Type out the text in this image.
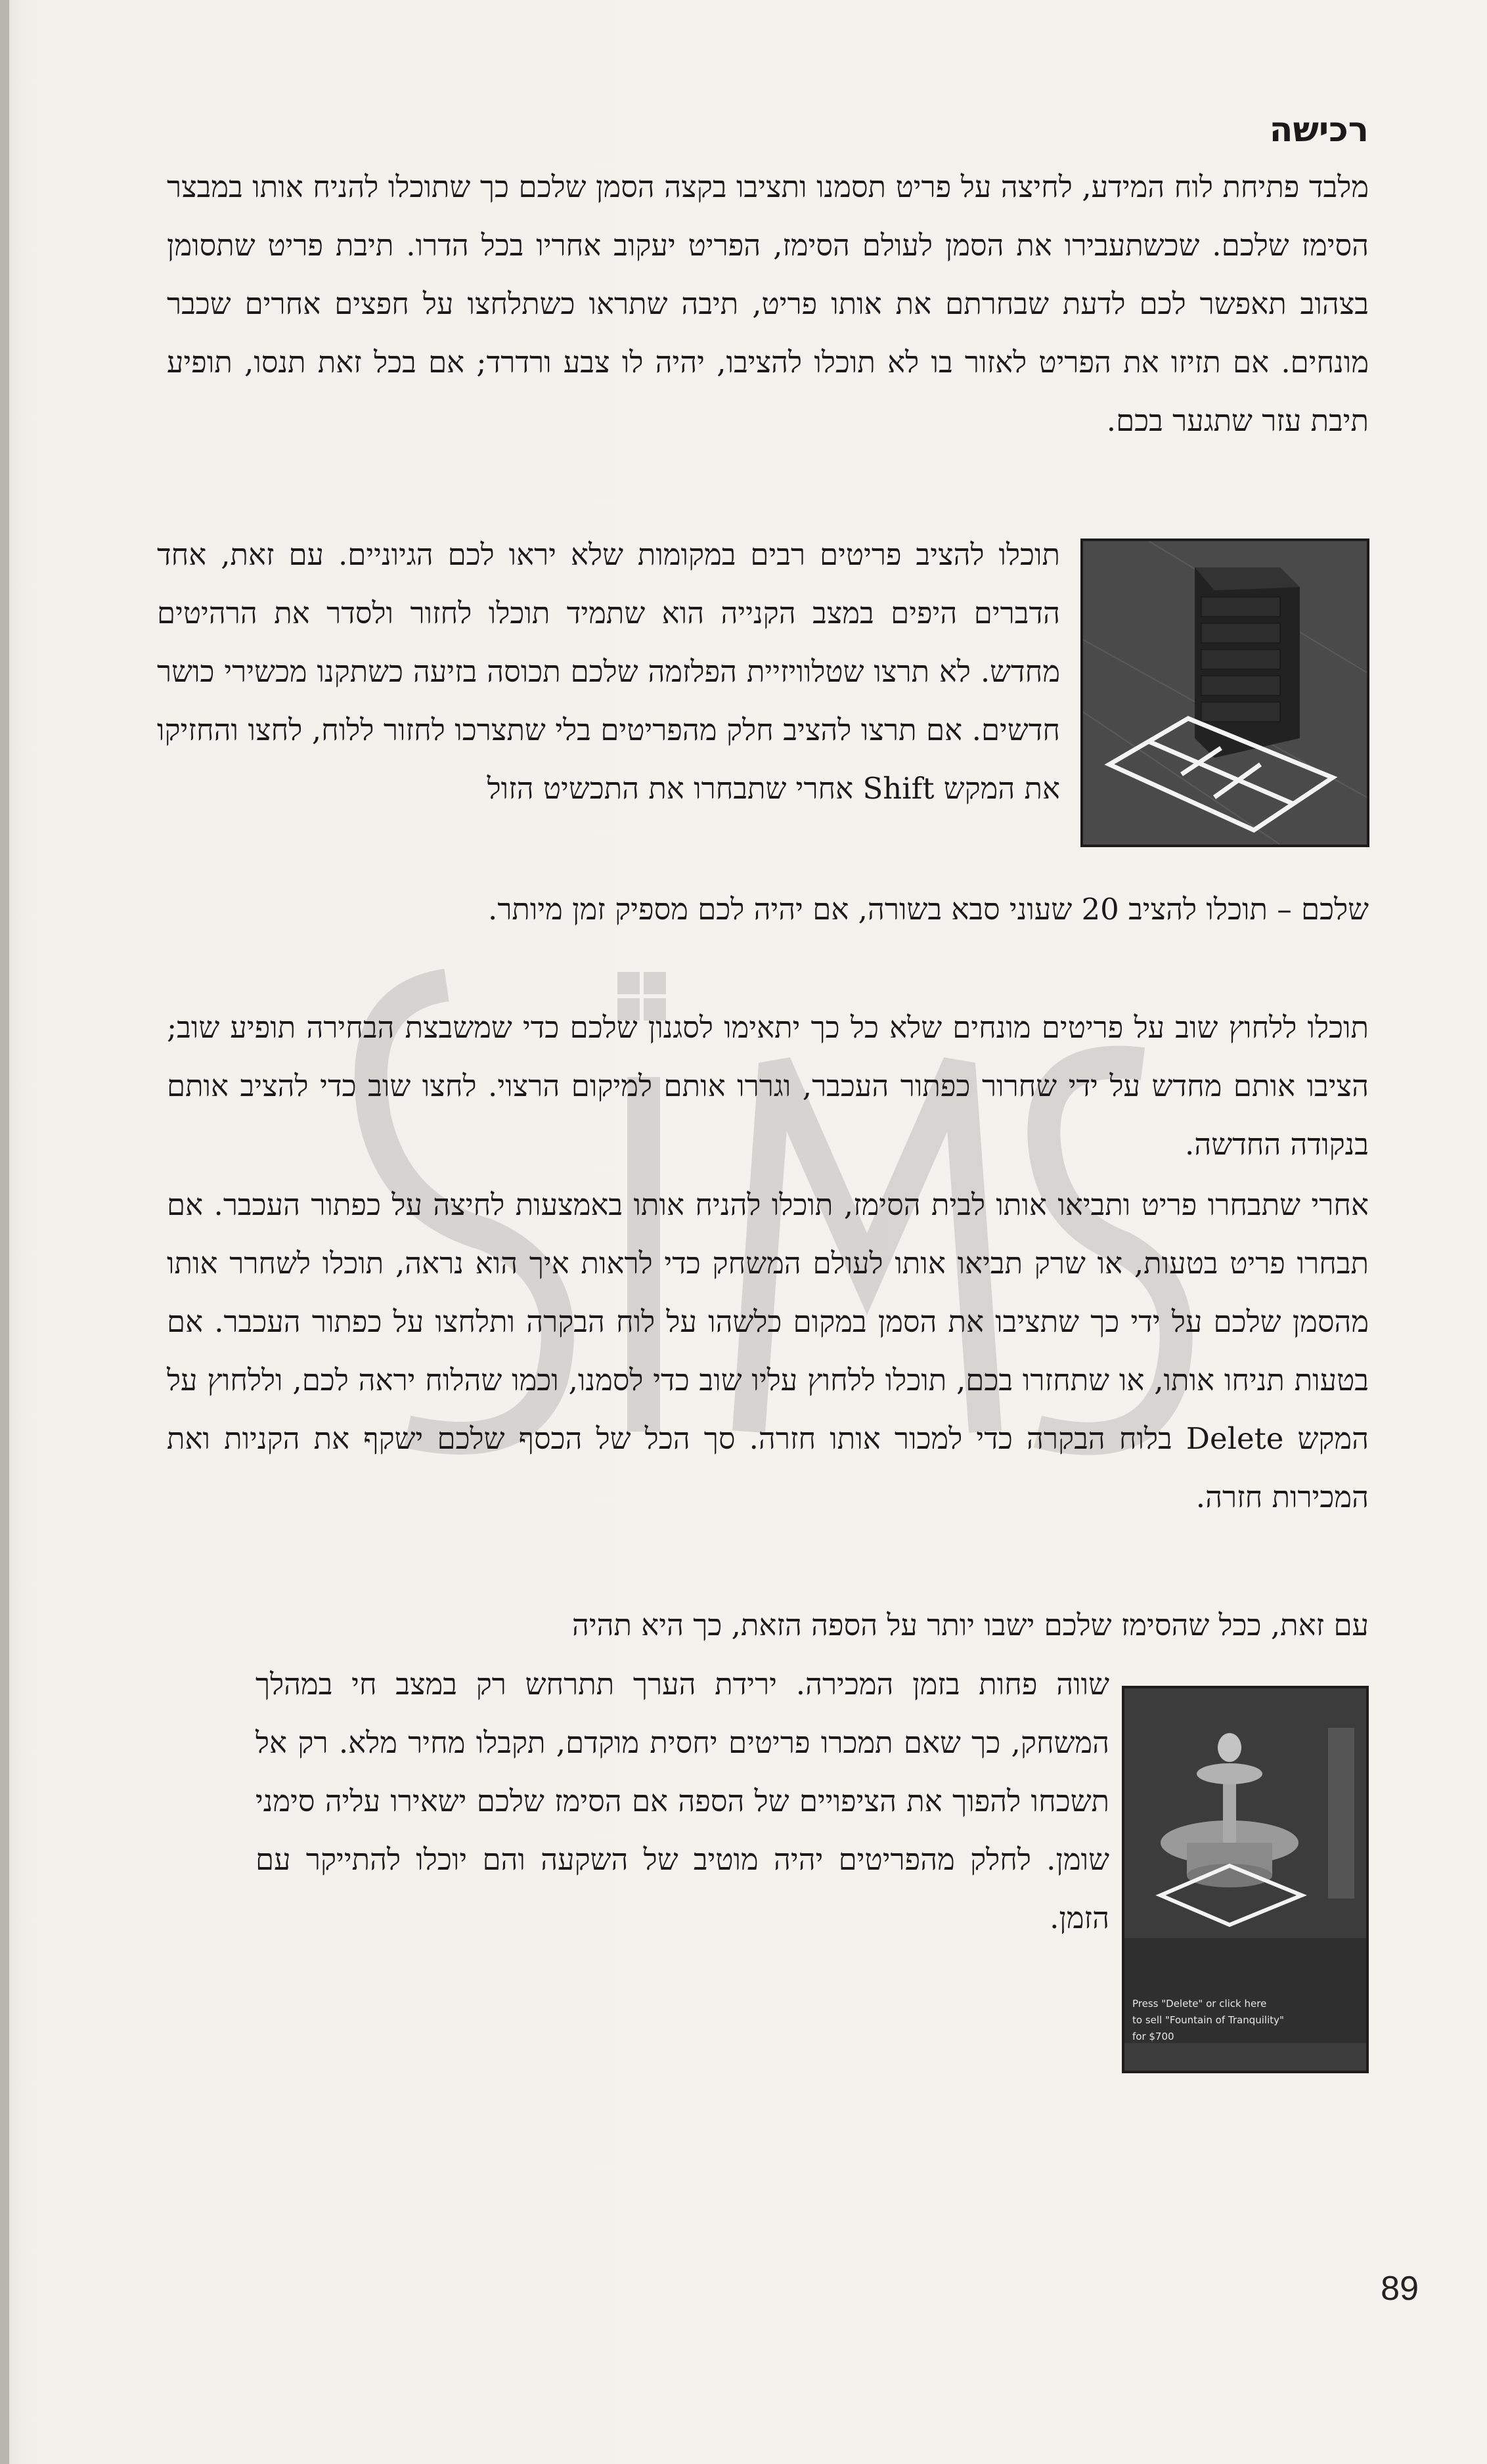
רכישה

מלבד פתיחת לוח המידע, לחיצה על פריט תסמנו ותציבו בקצה הסמן שלכם כך שתוכלו להניח אותו במבצר הסימז שלכם. שכשתעבירו את הסמן לעולם הסימז, הפריט יעקוב אחריו בכל הדרו. תיבת פריט שתסומן בצהוב תאפשר לכם לדעת שבחרתם את אותו פריט, תיבה שתראו כשתלחצו על חפצים אחרים שכבר מונחים. אם תזיזו את הפריט לאזור בו לא תוכלו להציבו, יהיה לו צבע ורדרד; אם בכל זאת תנסו, תופיע תיבת עזר שתגער בכם.

תוכלו להציב פריטים רבים במקומות שלא יראו לכם הגיוניים. עם זאת, אחד הדברים היפים במצב הקנייה הוא שתמיד תוכלו לחזור ולסדר את הרהיטים מחדש. לא תרצו שטלוויזיית הפלזמה שלכם תכוסה בזיעה כשתקנו מכשירי כושר חדשים. אם תרצו להציב חלק מהפריטים בלי שתצרכו לחזור ללוח, לחצו והחזיקו את המקש Shift אחרי שתבחרו את התכשיט הזול

שלכם – תוכלו להציב 20 שעוני סבא בשורה, אם יהיה לכם מספיק זמן מיותר.

תוכלו ללחוץ שוב על פריטים מונחים שלא כל כך יתאימו לסגנון שלכם כדי שמשבצת הבחירה תופיע שוב; הציבו אותם מחדש על ידי שחרור כפתור העכבר, וגררו אותם למיקום הרצוי. לחצו שוב כדי להציב אותם בנקודה החדשה.

אחרי שתבחרו פריט ותביאו אותו לבית הסימז, תוכלו להניח אותו באמצעות לחיצה על כפתור העכבר. אם תבחרו פריט בטעות, או שרק תביאו אותו לעולם המשחק כדי לראות איך הוא נראה, תוכלו לשחרר אותו מהסמן שלכם על ידי כך שתציבו את הסמן במקום כלשהו על לוח הבקרה ותלחצו על כפתור העכבר. אם בטעות תניחו אותו, או שתחזרו בכם, תוכלו ללחוץ עליו שוב כדי לסמנו, וכמו שהלוח יראה לכם, וללחוץ על המקש Delete בלוח הבקרה כדי למכור אותו חזרה. סך הכל של הכסף שלכם ישקף את הקניות ואת המכירות חזרה.

עם זאת, ככל שהסימז שלכם ישבו יותר על הספה הזאת, כך היא תהיה

Press "Delete" or click here
to sell "Fountain of Tranquility"
for $700

שווה פחות בזמן המכירה. ירידת הערך תתרחש רק במצב חי במהלך המשחק, כך שאם תמכרו פריטים יחסית מוקדם, תקבלו מחיר מלא. רק אל תשכחו להפוך את הציפויים של הספה אם הסימז שלכם ישאירו עליה סימני שומן. לחלק מהפריטים יהיה מוטיב של השקעה והם יוכלו להתייקר עם הזמן.

89
